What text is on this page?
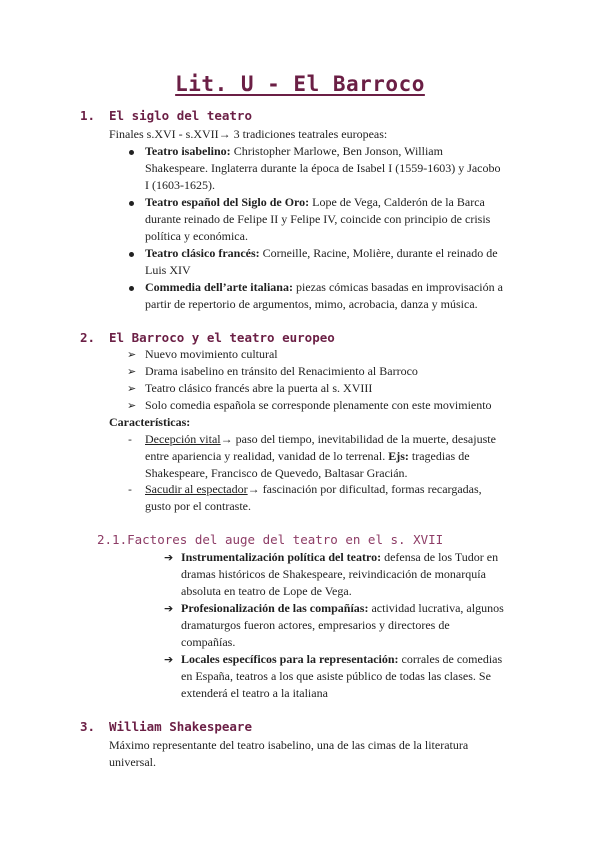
Lit. U - El Barroco
1. El siglo del teatro
Finales s.XVI - s.XVII→ 3 tradiciones teatrales europeas:
Teatro isabelino: Christopher Marlowe, Ben Jonson, William
Shakespeare. Inglaterra durante la época de Isabel I (1559-1603) y Jacobo
I (1603-1625).
Teatro español del Siglo de Oro: Lope de Vega, Calderón de la Barca
durante reinado de Felipe II y Felipe IV, coincide con principio de crisis
política y económica.
Teatro clásico francés: Corneille, Racine, Molière, durante el reinado de
Luis XIV
Commedia dell’arte italiana: piezas cómicas basadas en improvisación a
partir de repertorio de argumentos, mimo, acrobacia, danza y música.
2. El Barroco y el teatro europeo
➢ Nuevo movimiento cultural
➢ Drama isabelino en tránsito del Renacimiento al Barroco
➢ Teatro clásico francés abre la puerta al s. XVIII
➢ Solo comedia española se corresponde plenamente con este movimiento
Características:
- Decepción vital→ paso del tiempo, inevitabilidad de la muerte, desajuste
entre apariencia y realidad, vanidad de lo terrenal. Ejs: tragedias de
Shakespeare, Francisco de Quevedo, Baltasar Gracián.
- Sacudir al espectador→ fascinación por dificultad, formas recargadas,
gusto por el contraste.
2.1.Factores del auge del teatro en el s. XVII
➔ Instrumentalización política del teatro: defensa de los Tudor en
dramas históricos de Shakespeare, reivindicación de monarquía
absoluta en teatro de Lope de Vega.
➔ Profesionalización de las compañías: actividad lucrativa, algunos
dramaturgos fueron actores, empresarios y directores de
compañías.
➔ Locales específicos para la representación: corrales de comedias
en España, teatros a los que asiste público de todas las clases. Se
extenderá el teatro a la italiana
3. William Shakespeare
Máximo representante del teatro isabelino, una de las cimas de la literatura
universal.
